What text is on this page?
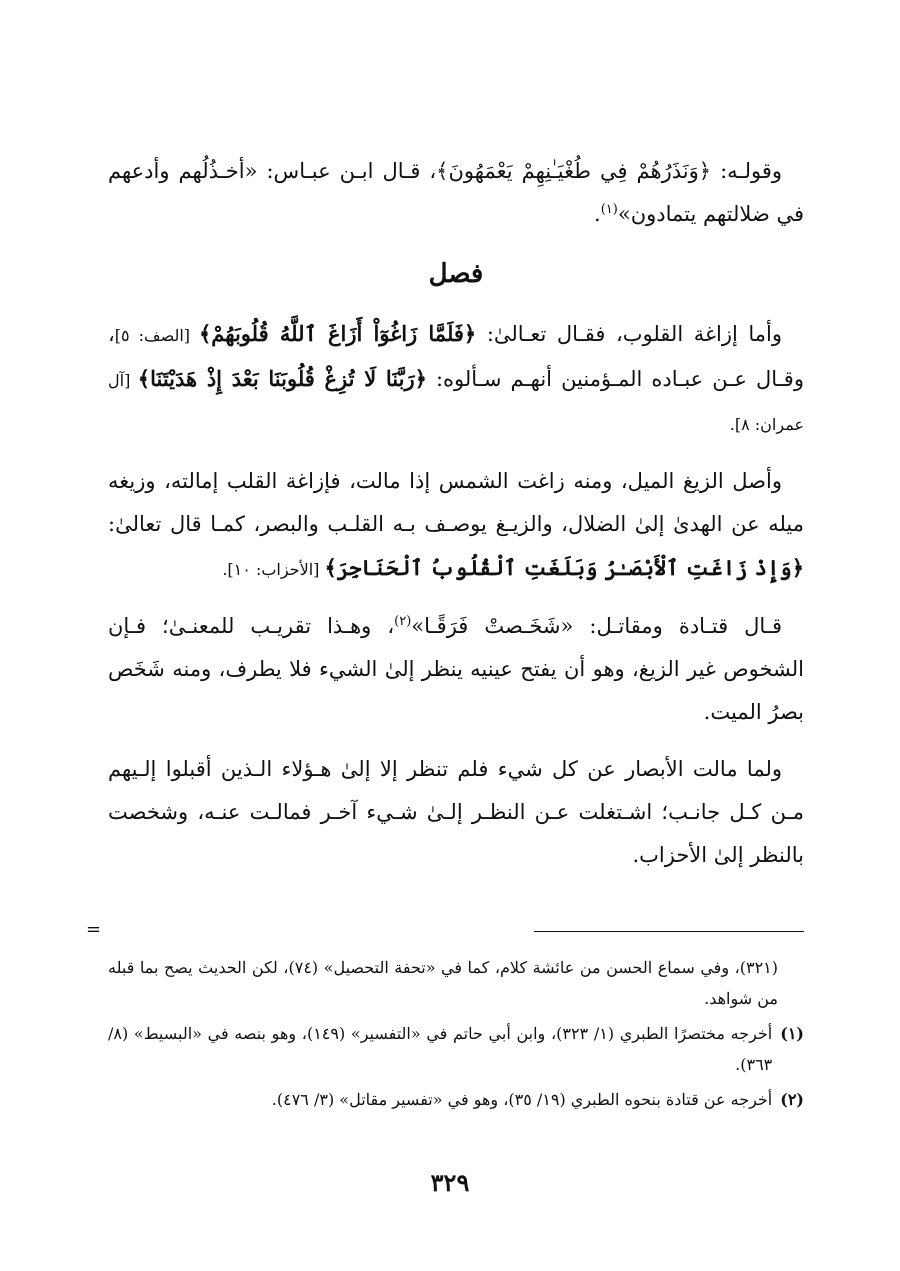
وقولـه: ﴿وَنَذَرُهُمْ فِي طُغْيَـٰنِهِمْ يَعْمَهُونَ﴾، قـال ابـن عبـاس: «أخـذُلُهم وأدعهم في ضلالتهم يتمادون»$^{(١)}$.

فصل

وأما إزاغة القلوب، فقـال تعـالىٰ: ﴿فَلَمَّا زَاغُوٓاْ أَزَاغَ ٱللَّهُ قُلُوبَهُمْ﴾ [الصف: ٥]، وقـال عـن عبـاده المـؤمنين أنهـم سـألوه: ﴿رَبَّنَا لَا تُزِغْ قُلُوبَنَا بَعْدَ إِذْ هَدَيْتَنَا﴾ [آل عمران: ٨].

وأصل الزيغ الميل، ومنه زاغت الشمس إذا مالت، فإزاغة القلب إمالته، وزيغه ميله عن الهدىٰ إلىٰ الضلال، والزيـغ يوصـف بـه القلـب والبصر، كمـا قال تعالىٰ: ﴿وَإِذْ زَاغَتِ ٱلْأَبْصَـٰرُ وَبَلَغَتِ ٱلْقُلُوبُ ٱلْحَنَاجِرَ﴾ [الأحزاب: ١٠].

قـال قتـادة ومقاتـل: «شَخَـصتْ فَرَقًـا»$^{(٢)}$، وهـذا تقريـب للمعنـىٰ؛ فـإن الشخوص غير الزيغ، وهو أن يفتح عينيه ينظر إلىٰ الشيء فلا يطرف، ومنه شَخَص بصرُ الميت.

ولما مالت الأبصار عن كل شيء فلم تنظر إلا إلىٰ هـؤلاء الـذين أقبلوا إلـيهم مـن كـل جانـب؛ اشـتغلت عـن النظـر إلـىٰ شـيء آخـر فمالـت عنـه، وشخصت بالنظر إلىٰ الأحزاب.

=
(٣٢١)، وفي سماع الحسن من عائشة كلام، كما في «تحفة التحصيل» (٧٤)، لكن الحديث يصح بما قبله من شواهد.
(١)
أخرجه مختصرًا الطبري (١/ ٣٢٣)، وابن أبي حاتم في «التفسير» (١٤٩)، وهو بنصه في «البسيط» (٨/ ٣٦٣).
(٢)
أخرجه عن قتادة بنحوه الطبري (١٩/ ٣٥)، وهو في «تفسير مقاتل» (٣/ ٤٧٦).
٣٢٩
